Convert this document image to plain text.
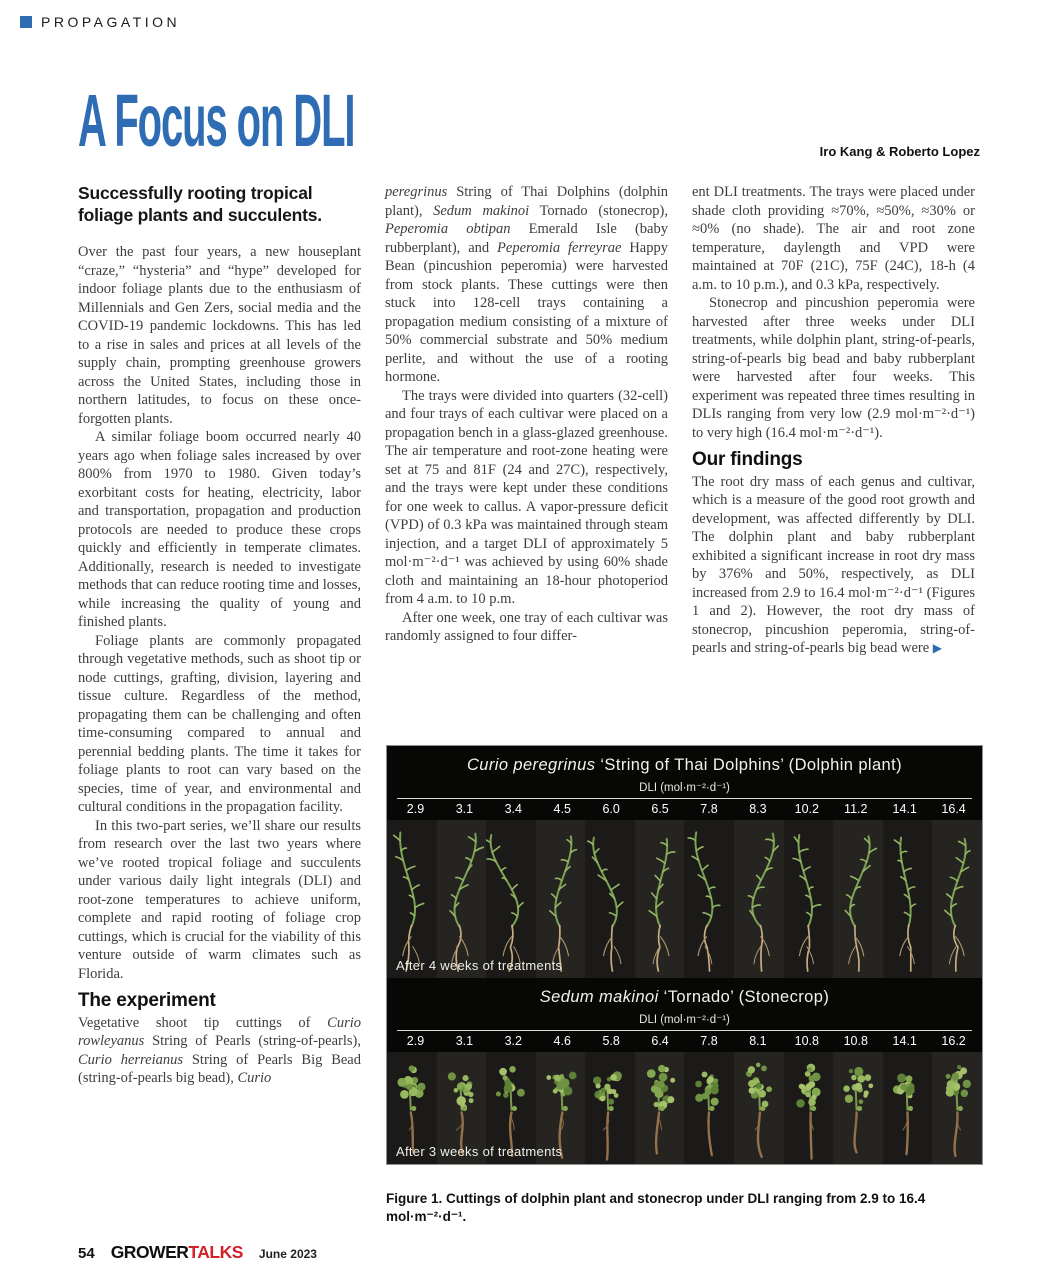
PROPAGATION
A Focus on DLI	Iro Kang & Roberto Lopez
Successfully rooting tropical foliage plants and succulents.

Over the past four years, a new houseplant “craze,” “hysteria” and “hype” developed for indoor foliage plants due to the enthusiasm of Millennials and Gen Zers, social media and the COVID-19 pandemic lockdowns. This has led to a rise in sales and prices at all levels of the supply chain, prompting greenhouse growers across the United States, including those in northern latitudes, to focus on these once-forgotten plants.

A similar foliage boom occurred nearly 40 years ago when foliage sales increased by over 800% from 1970 to 1980. Given today’s exorbitant costs for heating, electricity, labor and transportation, propagation and production protocols are needed to produce these crops quickly and efficiently in temperate climates. Additionally, research is needed to investigate methods that can reduce rooting time and losses, while increasing the quality of young and finished plants.

Foliage plants are commonly propagated through vegetative methods, such as shoot tip or node cuttings, grafting, division, layering and tissue culture. Regardless of the method, propagating them can be challenging and often time-consuming compared to annual and perennial bedding plants. The time it takes for foliage plants to root can vary based on the species, time of year, and environmental and cultural conditions in the propagation facility.

In this two-part series, we’ll share our results from research over the last two years where we’ve rooted tropical foliage and succulents under various daily light integrals (DLI) and root-zone temperatures to achieve uniform, complete and rapid rooting of foliage crop cuttings, which is crucial for the viability of this venture outside of warm climates such as Florida.

The experiment

Vegetative shoot tip cuttings of Curio rowleyanus String of Pearls (string-of-pearls), Curio herreianus String of Pearls Big Bead (string-of-pearls big bead), Curio

peregrinus String of Thai Dolphins (dolphin plant), Sedum makinoi Tornado (stonecrop), Peperomia obtipan Emerald Isle (baby rubberplant), and Peperomia ferreyrae Happy Bean (pincushion peperomia) were harvested from stock plants. These cuttings were then stuck into 128-cell trays containing a propagation medium consisting of a mixture of 50% commercial substrate and 50% medium perlite, and without the use of a rooting hormone.

The trays were divided into quarters (32-cell) and four trays of each cultivar were placed on a propagation bench in a glass-glazed greenhouse. The air temperature and root-zone heating were set at 75 and 81F (24 and 27C), respectively, and the trays were kept under these conditions for one week to callus. A vapor-pressure deficit (VPD) of 0.3 kPa was maintained through steam injection, and a target DLI of approximately 5 mol·m⁻²·d⁻¹ was achieved by using 60% shade cloth and maintaining an 18-hour photoperiod from 4 a.m. to 10 p.m.

After one week, one tray of each cultivar was randomly assigned to four differ-

ent DLI treatments. The trays were placed under shade cloth providing ≈70%, ≈50%, ≈30% or ≈0% (no shade). The air and root zone temperature, daylength and VPD were maintained at 70F (21C), 75F (24C), 18-h (4 a.m. to 10 p.m.), and 0.3 kPa, respectively.

Stonecrop and pincushion peperomia were harvested after three weeks under DLI treatments, while dolphin plant, string-of-pearls, string-of-pearls big bead and baby rubberplant were harvested after four weeks. This experiment was repeated three times resulting in DLIs ranging from very low (2.9 mol·m⁻²·d⁻¹) to very high (16.4 mol·m⁻²·d⁻¹).

Our findings

The root dry mass of each genus and cultivar, which is a measure of the good root growth and development, was affected differently by DLI. The dolphin plant and baby rubberplant exhibited a significant increase in root dry mass by 376% and 50%, respectively, as DLI increased from 2.9 to 16.4 mol·m⁻²·d⁻¹ (Figures 1 and 2). However, the root dry mass of stonecrop, pincushion peperomia, string-of-pearls and string-of-pearls big bead were ▶

Curio peregrinus ‘String of Thai Dolphins’ (Dolphin plant)
DLI (mol·m⁻²·d⁻¹)
2.9	3.1	3.4	4.5	6.0	6.5	7.8	8.3	10.2	11.2	14.1	16.4
After 4 weeks of treatments
Sedum makinoi ‘Tornado’ (Stonecrop)
DLI (mol·m⁻²·d⁻¹)
2.9	3.1	3.2	4.6	5.8	6.4	7.8	8.1	10.8	10.8	14.1	16.2
After 3 weeks of treatments
Figure 1. Cuttings of dolphin plant and stonecrop under DLI ranging from 2.9 to 16.4 mol·m⁻²·d⁻¹.
54 GROWERTALKS June 2023
